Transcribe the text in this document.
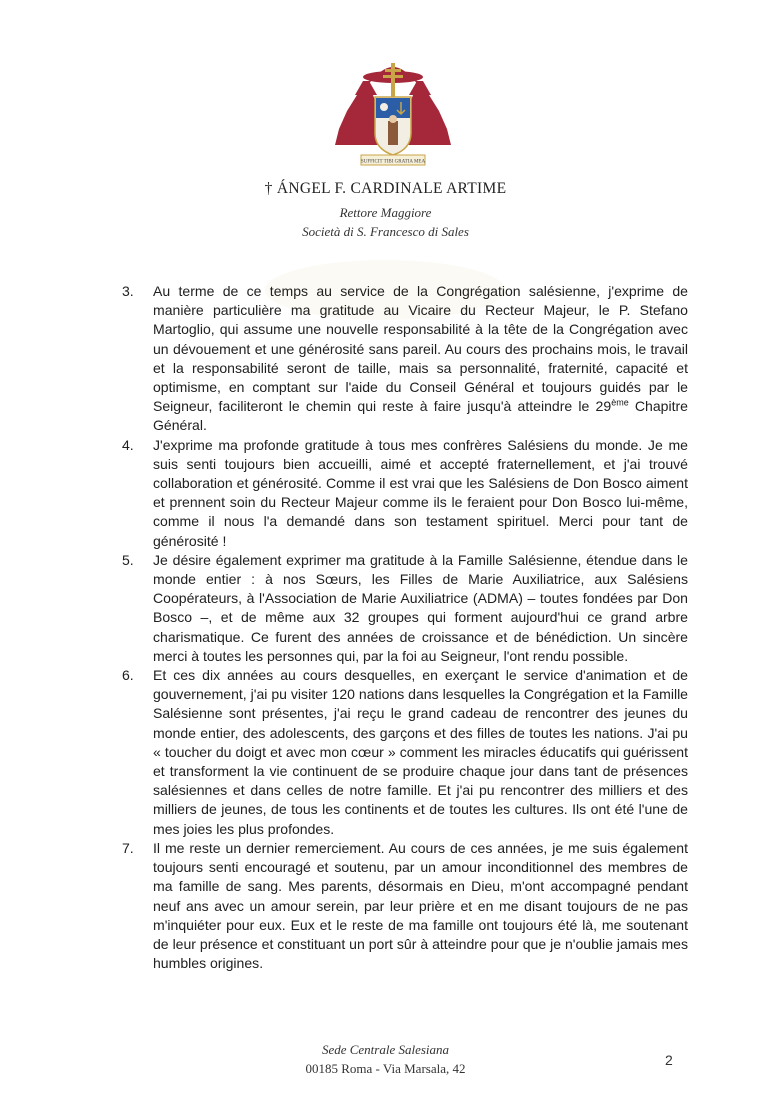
SUFFICIT TIBI GRATIA MEA
† ÁNGEL F. CARDINALE ARTIME
Rettore Maggiore
Società di S. Francesco di Sales
3.	Au terme de ce temps au service de la Congrégation salésienne, j'exprime de manière particulière ma gratitude au Vicaire du Recteur Majeur, le P. Stefano Martoglio, qui assume une nouvelle responsabilité à la tête de la Congrégation avec un dévouement et une générosité sans pareil. Au cours des prochains mois, le travail et la responsabilité seront de taille, mais sa personnalité, fraternité, capacité et optimisme, en comptant sur l'aide du Conseil Général et toujours guidés par le Seigneur, faciliteront le chemin qui reste à faire jusqu'à atteindre le 29ème Chapitre Général.
4.	J'exprime ma profonde gratitude à tous mes confrères Salésiens du monde. Je me suis senti toujours bien accueilli, aimé et accepté fraternellement, et j'ai trouvé collaboration et générosité. Comme il est vrai que les Salésiens de Don Bosco aiment et prennent soin du Recteur Majeur comme ils le feraient pour Don Bosco lui-même, comme il nous l'a demandé dans son testament spirituel. Merci pour tant de générosité !
5.	Je désire également exprimer ma gratitude à la Famille Salésienne, étendue dans le monde entier : à nos Sœurs, les Filles de Marie Auxiliatrice, aux Salésiens Coopérateurs, à l'Association de Marie Auxiliatrice (ADMA) – toutes fondées par Don Bosco –, et de même aux 32 groupes qui forment aujourd'hui ce grand arbre charismatique. Ce furent des années de croissance et de bénédiction. Un sincère merci à toutes les personnes qui, par la foi au Seigneur, l'ont rendu possible.
6.	Et ces dix années au cours desquelles, en exerçant le service d'animation et de gouvernement, j'ai pu visiter 120 nations dans lesquelles la Congrégation et la Famille Salésienne sont présentes, j'ai reçu le grand cadeau de rencontrer des jeunes du monde entier, des adolescents, des garçons et des filles de toutes les nations. J'ai pu « toucher du doigt et avec mon cœur » comment les miracles éducatifs qui guérissent et transforment la vie continuent de se produire chaque jour dans tant de présences salésiennes et dans celles de notre famille. Et j'ai pu rencontrer des milliers et des milliers de jeunes, de tous les continents et de toutes les cultures. Ils ont été l'une de mes joies les plus profondes.
7.	Il me reste un dernier remerciement. Au cours de ces années, je me suis également toujours senti encouragé et soutenu, par un amour inconditionnel des membres de ma famille de sang. Mes parents, désormais en Dieu, m'ont accompagné pendant neuf ans avec un amour serein, par leur prière et en me disant toujours de ne pas m'inquiéter pour eux. Eux et le reste de ma famille ont toujours été là, me soutenant de leur présence et constituant un port sûr à atteindre pour que je n'oublie jamais mes humbles origines.
Sede Centrale Salesiana
00185 Roma - Via Marsala, 42
2
